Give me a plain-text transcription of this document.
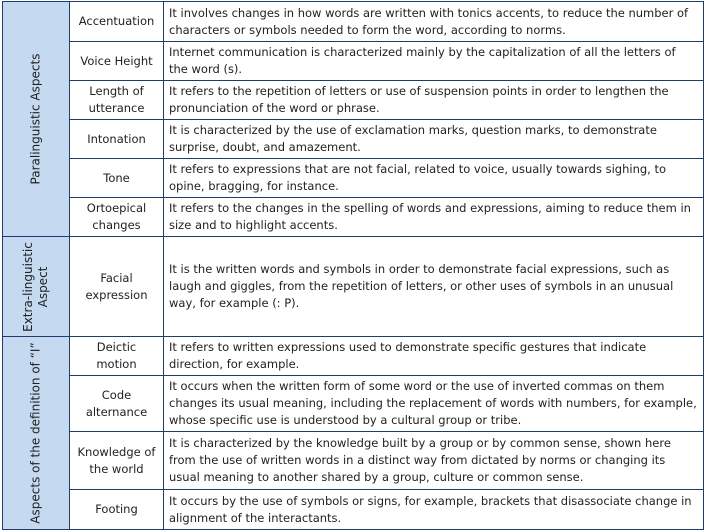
Paralinguistic Aspects	Accentuation	It involves changes in how words are written with tonics accents, to reduce the number of characters or symbols needed to form the word, according to norms.
	Voice Height	Internet communication is characterized mainly by the capitalization of all the letters of the word (s).
	Length of utterance	It refers to the repetition of letters or use of suspension points in order to lengthen the pronunciation of the word or phrase.
	Intonation	It is characterized by the use of exclamation marks, question marks, to demonstrate surprise, doubt, and amazement.
	Tone	It refers to expressions that are not facial, related to voice, usually towards sighing, to opine, bragging, for instance.
	Ortoepical changes	It refers to the changes in the spelling of words and expressions, aiming to reduce them in size and to highlight accents.

Extra-linguistic Aspect	Facial expression	It is the written words and symbols in order to demonstrate facial expressions, such as laugh and giggles, from the repetition of letters, or other uses of symbols in an unusual way, for example (: P).

Aspects of the definition of “I”	Deictic motion	It refers to written expressions used to demonstrate specific gestures that indicate direction, for example.
	Code alternance	It occurs when the written form of some word or the use of inverted commas on them changes its usual meaning, including the replacement of words with numbers, for example, whose specific use is understood by a cultural group or tribe.
	Knowledge of the world	It is characterized by the knowledge built by a group or by common sense, shown here from the use of written words in a distinct way from dictated by norms or changing its usual meaning to another shared by a group, culture or common sense.
	Footing	It occurs by the use of symbols or signs, for example, brackets that disassociate change in alignment of the interactants.
